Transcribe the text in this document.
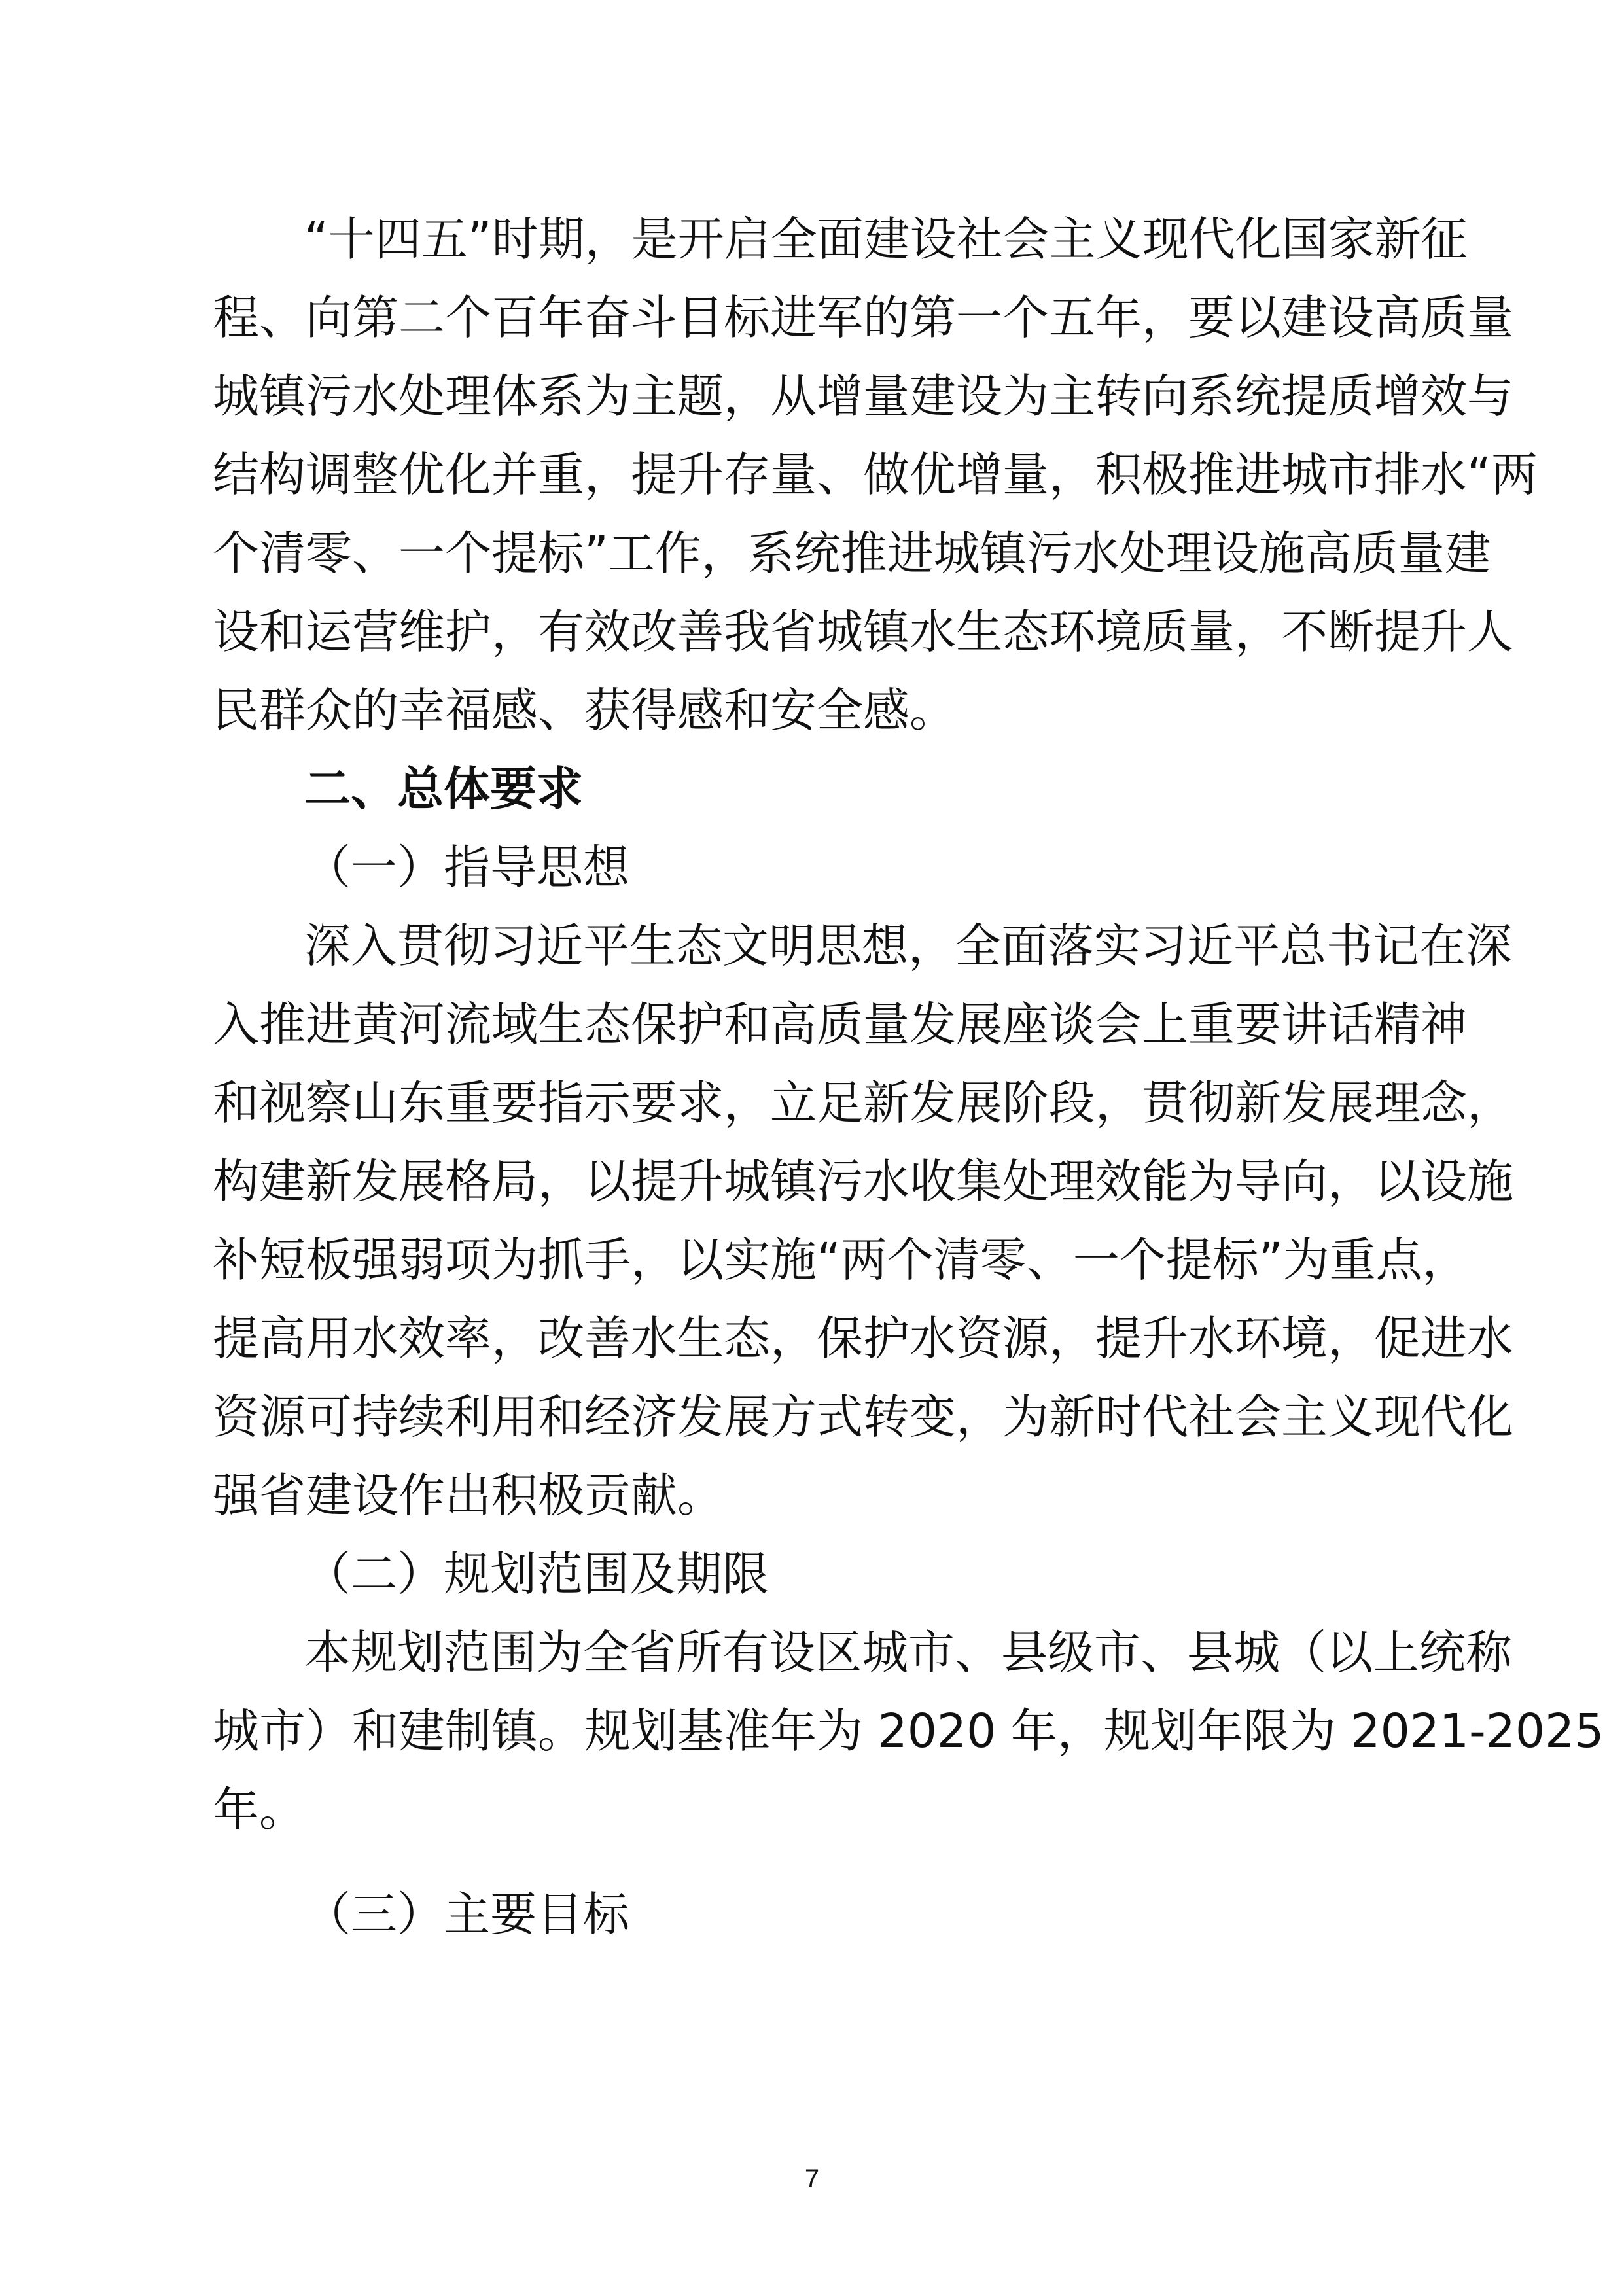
“十四五”时期，是开启全面建设社会主义现代化国家新征
程、向第二个百年奋斗目标进军的第一个五年，要以建设高质量
城镇污水处理体系为主题，从增量建设为主转向系统提质增效与
结构调整优化并重，提升存量、做优增量，积极推进城市排水“两
个清零、一个提标”工作，系统推进城镇污水处理设施高质量建
设和运营维护，有效改善我省城镇水生态环境质量，不断提升人
民群众的幸福感、获得感和安全感。
二、总体要求
（一）指导思想
深入贯彻习近平生态文明思想，全面落实习近平总书记在深
入推进黄河流域生态保护和高质量发展座谈会上重要讲话精神
和视察山东重要指示要求，立足新发展阶段，贯彻新发展理念，
构建新发展格局，以提升城镇污水收集处理效能为导向，以设施
补短板强弱项为抓手，以实施“两个清零、一个提标”为重点，
提高用水效率，改善水生态，保护水资源，提升水环境，促进水
资源可持续利用和经济发展方式转变，为新时代社会主义现代化
强省建设作出积极贡献。
（二）规划范围及期限
本规划范围为全省所有设区城市、县级市、县城（以上统称
城市）和建制镇。规划基准年为 2020 年，规划年限为 2021-2025
年。
（三）主要目标
7
